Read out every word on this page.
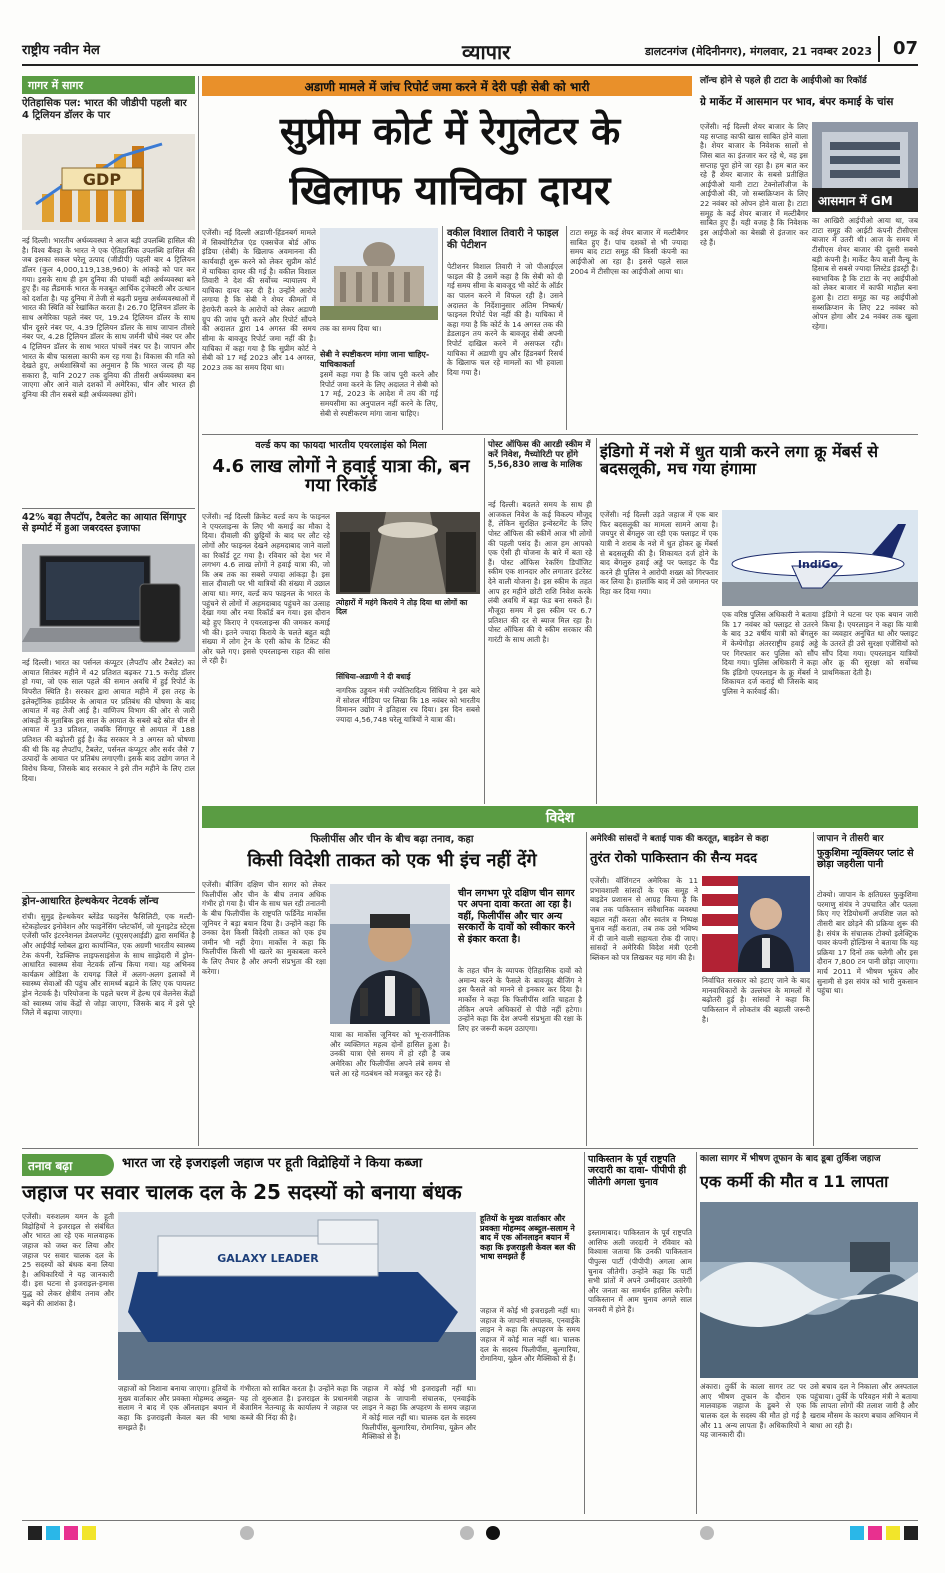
राष्ट्रीय नवीन मेल	व्यापार	डालटनगंज (मेदिनीनगर), मंगलवार, 21 नवम्बर 2023	07
गागर में सागर
ऐतिहासिक पल: भारत की जीडीपी पहली बार 4 ट्रिलियन डॉलर के पार
GDP
नई दिल्ली। भारतीय अर्थव्यवस्था ने आज बड़ी उपलब्धि हासिल की है। विश्व बैंक्ड़ा के भारत ने एक ऐतिहासिक उपलब्धि हासिल की जब इसका सकल घरेलू उत्पाद (जीडीपी) पहली बार 4 ट्रिलियन डॉलर (कुल 4,000,119,138,960) के आंकड़े को पार कर गया। इसके साथ ही हम दुनिया की पांचवीं बड़ी अर्थव्यवस्था बने हुए हैं। वह लैंडमार्क भारत के मजबूत आर्थिक ट्रजेक्टरी और उत्थान को दर्शाता है। यह दुनिया में तेजी से बढ़ती प्रमुख अर्थव्यवस्थाओं में भारत की स्थिति को रेखांकित करता है। 26.70 ट्रिलियन डॉलर के साथ अमेरिका पहले नंबर पर, 19.24 ट्रिलियन डॉलर के साथ चीन दूसरे नंबर पर, 4.39 ट्रिलियन डॉलर के साथ जापान तीसरे नंबर पर, 4.28 ट्रिलियन डॉलर के साथ जर्मनी चौथे नंबर पर और 4 ट्रिलियन डॉलर के साथ भारत पांचवें नंबर पर है। जापान और भारत के बीच फासला काफी कम रह गया है। विकास की गति को देखते हुए, अर्थशास्त्रियों का अनुमान है कि भारत जल्द ही यह सकारा है, यानि 2027 तक दुनिया की तीसरी अर्थव्यवस्था बन जाएगा और आने वाले दशकों में अमेरिका, चीन और भारत ही दुनिया की तीन सबसे बड़ी अर्थव्यवस्था होंगे।
42% बढ़ा लैपटॉप, टैबलेट का आयात सिंगापुर से इम्पोर्ट में हुआ जबरदस्त इजाफा
नई दिल्ली। भारत का पर्सनल कंप्यूटर (लैपटॉप और टैबलेट) का आयात सितंबर महीने में 42 प्रतिशत बढ़कर 71.5 करोड़ डॉलर हो गया, जो एक साल पहले की समान अवधि में हुई रिपोर्ट के विपरीत स्थिति है। सरकार द्वारा आयात महीने में इस तरह के इलेक्ट्रॉनिक हार्डवेयर के आयात पर प्रतिबंध की घोषणा के बाद आयात में वह तेजी आई है। वाणिज्य विभाग की ओर से जारी आंकड़ों के मुताबिक इस साल के आयात के सबसे बड़े स्रोत चीन से आयात में 33 प्रतिशत, जबकि सिंगापुर से आयात में 188 प्रतिशत की बढ़ोतरी हुई है। केंद्र सरकार ने 3 अगस्त को घोषणा की थी कि वह लैपटॉप, टैबलेट, पर्सनल कंप्यूटर और सर्वर जैसे 7 उत्पादों के आयात पर प्रतिबंध लगाएगी। इसके बाद उद्योग जगत ने विरोध किया, जिसके बाद सरकार ने इसे तीन महीने के लिए टाल दिया।
ड्रोन-आधारित हेल्थकेयर नेटवर्क लॉन्च
रांची। सुमुद्र हेल्थकेयर ब्लेंडेड फाइनेंस फैसिलिटी, एक मल्टी-स्टेकहोल्डर इनोवेशन और फाइनेंसिंग प्लेटफॉर्म, जो यूनाइटेड स्टेट्स एजेंसी फॉर इंटरनेशनल डेवलपमेंट (यूएसएआईडी) द्वारा समर्थित है और आईपीई ग्लोबल द्वारा कार्यान्वित, एक अग्रणी भारतीय स्वास्थ्य टेक कंपनी, रेडक्लिफ लाइफसाइंसेज के साथ साझेदारी में ड्रोन-आधारित स्वास्थ्य सेवा नेटवर्क लॉन्च किया गया। यह अभिनव कार्यक्रम ओडिशा के रायगढ़ जिले में अलग-अलग इलाकों में स्वास्थ्य सेवाओं की पहुंच और सामर्थ्य बढ़ाने के लिए एक पायलट ड्रोन नेटवर्क है। परियोजना के पहले चरण में हेल्थ एवं वेलनेस केंद्रों को स्वास्थ्य जांच केंद्रों से जोड़ा जाएगा, जिसके बाद में इसे पूरे जिले में बढ़ाया जाएगा।
अडाणी मामले में जांच रिपोर्ट जमा करने में देरी पड़ी सेबी को भारी
सुप्रीम कोर्ट में रेगुलेटर के
खिलाफ याचिका दायर
एजेंसी। नई दिल्ली अडाणी-हिंडनबर्ग मामले में सिक्योरिटीज एंड एक्सचेंज बोर्ड ऑफ इंडिया (सेबी) के खिलाफ अवमानना की कार्यवाही शुरू करने को लेकर सुप्रीम कोर्ट में याचिका दायर की गई है। वकील विशाल तिवारी ने देश की सर्वोच्च न्यायालय में याचिका दायर कर दी है। उन्होंने आरोप लगाया है कि सेबी ने शेयर कीमतों में हेराफेरी करने के आरोपों को लेकर अडाणी ग्रुप की जांच पूरी करने और रिपोर्ट सौंपने की अदालत द्वारा 14 अगस्त की समय सीमा के बावजूद रिपोर्ट जमा नहीं की है। याचिका में कहा गया है कि सुप्रीम कोर्ट ने सेबी को 17 मई 2023 और 14 अगस्त, 2023 तक का समय दिया था।
तक का समय दिया था।
सेबी ने स्पष्टीकरण मांगा जाना चाहिए- याचिकाकर्ता
इसमें कहा गया है कि जांच पूरी करने और रिपोर्ट जमा करने के लिए अदालत ने सेबी को 17 मई, 2023 के आदेश में तय की गई समयसीमा का अनुपालन नहीं करने के लिए, सेबी से स्पष्टीकरण मांगा जाना चाहिए।
वकील विशाल तिवारी ने फाइल की पेटीशन
पेटीशनर विशाल तिवारी ने जो पीआईएल फाइल की है उसमें कहा है कि सेबी को दी गई समय सीमा के बावजूद भी कोर्ट के ऑर्डर का पालन करने में विफल रही है। उसने अदालत के निर्देशानुसार अंतिम निष्कर्ष/फाइनल रिपोर्ट पेश नहीं की है। याचिका में कहा गया है कि कोर्ट के 14 अगस्त तक की डेडलाइन तय करने के बावजूद सेबी अपनी रिपोर्ट दाखिल करने में असफल रही। याचिका में अडाणी ग्रुप और हिंडनबर्ग रिसर्च के खिलाफ चल रहे मामलों का भी हवाला दिया गया है।
टाटा समूह के कई शेयर बाजार में मल्टीबैगर साबित हुए हैं। पांच दशकों से भी ज्यादा समय बाद टाटा समूह की किसी कंपनी का आईपीओ आ रहा है। इससे पहले साल 2004 में टीसीएस का आईपीओ आया था।
लॉन्च होने से पहले ही टाटा के आईपीओ का रिकॉर्ड
ग्रे मार्केट में आसमान पर भाव, बंपर कमाई के चांस
एजेंसी। नई दिल्ली शेयर बाजार के लिए यह सप्ताह काफी खास साबित होने वाला है। शेयर बाजार के निवेशक सालों से जिस बात का इंतजार कर रहे थे, वह इस सप्ताह पूरा होने जा रहा है। हम बात कर रहे हैं शेयर बाजार के सबसे प्रतीक्षित आईपीओ यानी टाटा टेक्नोलॉजीज के आईपीओ की, जो सब्सक्रिप्शन के लिए 22 नवंबर को ओपन होने वाला है। टाटा समूह के कई शेयर बाजार में मल्टीबैगर साबित हुए हैं। यही वजह है कि निवेशक इस आईपीओ का बेसब्री से इंतजार कर रहे हैं।
आसमान में GM
का आखिरी आईपीओ आया था, जब टाटा समूह की आईटी कंपनी टीसीएस बाजार में उतरी थी। आज के समय में टीसीएस शेयर बाजार की दूसरी सबसे बड़ी कंपनी है। मार्केट कैप वाली वैल्यू के हिसाब से सबसे ज्यादा लिस्टेड इंडस्ट्री है। स्वाभाविक है कि टाटा के नए आईपीओ को लेकर बाजार में काफी माहौल बना हुआ है। टाटा समूह का यह आईपीओ सब्सक्रिप्शन के लिए 22 नवंबर को ओपन होगा और 24 नवंबर तक खुला रहेगा।
वर्ल्ड कप का फायदा भारतीय एयरलाइंस को मिला
4.6 लाख लोगों ने हवाई यात्रा की, बन गया रिकॉर्ड
एजेंसी। नई दिल्ली क्रिकेट वर्ल्ड कप के फाइनल ने एयरलाइन्स के लिए भी कमाई का मौका दे दिया। दीवाली की छुट्टियों के बाद घर लौट रहे लोगों और फाइनल देखने अहमदाबाद जाने वालों का रिकॉर्ड टूट गया है। रविवार को देश भर में लगभग 4.6 लाख लोगों ने हवाई यात्रा की, जो कि अब तक का सबसे ज्यादा आंकड़ा है। इस साल दीवाली पर भी यात्रियों की संख्या में उछाल आया था। मगर, वर्ल्ड कप फाइनल के भारत के पहुंचने से लोगों में अहमदाबाद पहुंचने का उत्साह देखा गया और नया रिकॉर्ड बन गया। इस दौरान बड़े हुए किराए ने एयरलाइन्स की जमकर कमाई भी की। इतने ज्यादा किराये के चलते बहुत बड़ी संख्या में लोग ट्रेन के एसी कोच के टिकट की ओर चले गए। इससे एयरलाइन्स राहत की सांस ले रही है।
त्योहारों में महंगे किराये ने तोड़ दिया था लोगों का दिल
सिंधिया-अडाणी ने दी बधाई
नागरिक उड्डयन मंत्री ज्योतिरादित्य सिंधिया ने इस बारे में सोशल मीडिया पर लिखा कि 18 नवंबर को भारतीय विमानन उद्योग ने इतिहास रच दिया। इस दिन सबसे ज्यादा 4,56,748 घरेलू यात्रियों ने यात्रा की।
पोस्ट ऑफिस की आरडी स्कीम में करें निवेश, मैच्योरिटी पर होंगे 5,56,830 लाख के मालिक
नई दिल्ली। बदलते समय के साथ ही आजकल निवेश के कई विकल्प मौजूद हैं, लेकिन सुरक्षित इन्वेस्टमेंट के लिए पोस्ट ऑफिस की स्कीमें आज भी लोगों की पहली पसंद हैं। आज हम आपको एक ऐसी ही योजना के बारे में बता रहे हैं। पोस्ट ऑफिस रेकरिंग डिपॉजिट स्कीम एक शानदार और लगातार इंटरेस्ट देने वाली योजना है। इस स्कीम के तहत आप हर महीने छोटी राशि निवेश करके लंबी अवधि में बड़ा फंड बना सकते हैं। मौजूदा समय में इस स्कीम पर 6.7 प्रतिशत की दर से ब्याज मिल रहा है। पोस्ट ऑफिस की ये स्कीम सरकार की गारंटी के साथ आती है।
इंडिगो में नशे में धुत यात्री करने लगा क्रू मेंबर्स से बदसलूकी, मच गया हंगामा
एजेंसी। नई दिल्ली उड़ते जहाज में एक बार फिर बदसलूकी का मामला सामने आया है। जयपुर से बेंगलुरु जा रही एक फ्लाइट में एक यात्री ने शराब के नशे में धुत होकर क्रू मेंबर्स से बदसलूकी की है। शिकायत दर्ज होने के बाद बेंगलुरु हवाई अड्डे पर फ्लाइट के पैंड करने ही पुलिस ने आरोपी शख्स को गिरफ्तार कर लिया है। हालांकि बाद में उसे जमानत पर रिहा कर दिया गया।
IndiGo
एक वरिष्ठ पुलिस अधिकारी ने बताया कि 17 नवंबर को फ्लाइट से उतरने के बाद 32 वर्षीय यात्री को बेंगलुरु में केम्पेगौड़ा अंतरराष्ट्रीय हवाई अड्डे पर गिरफ्तार कर पुलिस को सौंप दिया गया। पुलिस अधिकारी ने कहा कि इंडिगो एयरलाइन के क्रू मेंबर्स ने शिकायत दर्ज कराई थी जिसके बाद पुलिस ने कार्रवाई की।
इंडिगो ने घटना पर एक बयान जारी किया है। एयरलाइन ने कहा कि यात्री का व्यवहार अनुचित था और फ्लाइट के उतरते ही उसे सुरक्षा एजेंसियों को सौंप दिया गया। एयरलाइन यात्रियों और क्रू की सुरक्षा को सर्वोच्च प्राथमिकता देती है।
विदेश
फिलीपींस और चीन के बीच बढ़ा तनाव, कहा
किसी विदेशी ताकत को एक भी इंच नहीं देंगे
एजेंसी। बीजिंग दक्षिण चीन सागर को लेकर फिलीपींस और चीन के बीच तनाव अधिक गंभीर हो गया है। चीन के साथ चल रही तनातनी के बीच फिलीपींस के राष्ट्रपति फर्डिनेंड मार्कोस जूनियर ने बड़ा बयान दिया है। उन्होंने कहा कि उनका देश किसी विदेशी ताकत को एक इंच जमीन भी नहीं देगा। मार्कोस ने कहा कि फिलीपींस किसी भी खतरे का मुकाबला करने के लिए तैयार है और अपनी संप्रभुता की रक्षा करेगा।
चीन लगभग पूरे दक्षिण चीन सागर पर अपना दावा करता आ रहा है। वहीं, फिलीपींस और चार अन्य सरकारों के दावों को स्वीकार करने से इंकार करता है।
यात्रा का मार्कोस जूनियर को भू-राजनीतिक और व्यक्तिगत महत्व दोनों हासिल हुआ है। उनकी यात्रा ऐसे समय में हो रही है जब अमेरिका और फिलीपींस अपने लंबे समय से चले आ रहे गठबंधन को मजबूत कर रहे हैं।
के तहत चीन के व्यापक ऐतिहासिक दावों को अमान्य करने के फैसले के बावजूद बीजिंग ने इस फैसले को मानने से इनकार कर दिया है। मार्कोस ने कहा कि फिलीपींस शांति चाहता है लेकिन अपने अधिकारों से पीछे नहीं हटेगा। उन्होंने कहा कि देश अपनी संप्रभुता की रक्षा के लिए हर जरूरी कदम उठाएगा।
अमेरिकी सांसदों ने बताई पाक की करतूत, बाइडेन से कहा
तुरंत रोको पाकिस्तान की सैन्य मदद
एजेंसी। वॉशिंगटन अमेरिका के 11 प्रभावशाली सांसदों के एक समूह ने बाइडेन प्रशासन से आग्रह किया है कि जब तक पाकिस्तान संवैधानिक व्यवस्था बहाल नहीं करता और स्वतंत्र व निष्पक्ष चुनाव नहीं कराता, तब तक उसे भविष्य में दी जाने वाली सहायता रोक दी जाए। सांसदों ने अमेरिकी विदेश मंत्री एंटनी ब्लिंकन को पत्र लिखकर यह मांग की है।
निर्वाचित सरकार को हटाए जाने के बाद मानवाधिकारों के उल्लंघन के मामलों में बढ़ोतरी हुई है। सांसदों ने कहा कि पाकिस्तान में लोकतंत्र की बहाली जरूरी है।
जापान ने तीसरी बार
फुकुशिमा न्यूक्लियर प्लांट से छोड़ा जहरीला पानी
टोक्यो। जापान के क्षतिग्रस्त फुकुशिमा परमाणु संयंत्र ने उपचारित और पतला किए गए रेडियोधर्मी अपशिष्ट जल को तीसरी बार छोड़ने की प्रक्रिया शुरू की है। संयंत्र के संचालक टोक्यो इलेक्ट्रिक पावर कंपनी होल्डिंग्स ने बताया कि यह प्रक्रिया 17 दिनों तक चलेगी और इस दौरान 7,800 टन पानी छोड़ा जाएगा। मार्च 2011 में भीषण भूकंप और सुनामी से इस संयंत्र को भारी नुकसान पहुंचा था।
तनाव बढ़ा	भारत जा रहे इजराइली जहाज पर हूती विद्रोहियों ने किया कब्जा
जहाज पर सवार चालक दल के 25 सदस्यों को बनाया बंधक
एजेंसी। यरुशलम यमन के हूती विद्रोहियों ने इजराइल से संबंधित और भारत आ रहे एक मालवाहक जहाज को जब्त कर लिया और जहाज पर सवार चालक दल के 25 सदस्यों को बंधक बना लिया है। अधिकारियों ने यह जानकारी दी। इस घटना से इजराइल-हमास युद्ध को लेकर क्षेत्रीय तनाव और बढ़ने की आशंका है।
GALAXY LEADER
हूतियों के मुख्य वार्ताकार और प्रवक्ता मोहम्मद अब्दुल-सलाम ने बाद में एक ऑनलाइन बयान में कहा कि इजराइली केवल बल की भाषा समझते हैं
जहाजों को निशाना बनाया जाएगा। हूतियों के मुख्य वार्ताकार और प्रवक्ता मोहम्मद अब्दुल-सलाम ने बाद में एक ऑनलाइन बयान में कहा कि इजराइली केवल बल की भाषा समझते हैं।
गंभीरता को साबित करता है। उन्होंने कहा कि यह तो शुरुआत है। इजराइल के प्रधानमंत्री बेंजामिन नेतन्याहू के कार्यालय ने जहाज पर कब्जे की निंदा की है।
जहाज में कोई भी इजराइली नहीं था। जहाज के जापानी संचालक, एनवाईके लाइन ने कहा कि अपहरण के समय जहाज में कोई माल नहीं था। चालक दल के सदस्य फिलीपींस, बुल्गारिया, रोमानिया, यूक्रेन और मैक्सिको से हैं।
जहाज में कोई भी इजराइली नहीं था। जहाज के जापानी संचालक, एनवाईके लाइन ने कहा कि अपहरण के समय जहाज में कोई माल नहीं था। चालक दल के सदस्य फिलीपींस, बुल्गारिया, रोमानिया, यूक्रेन और मैक्सिको से हैं।
पाकिस्तान के पूर्व राष्ट्रपति जरदारी का दावा- पीपीपी ही जीतेगी अगला चुनाव
इस्लामाबाद। पाकिस्तान के पूर्व राष्ट्रपति आसिफ अली जरदारी ने रविवार को विश्वास जताया कि उनकी पाकिस्तान पीपुल्स पार्टी (पीपीपी) अगला आम चुनाव जीतेगी। उन्होंने कहा कि पार्टी सभी प्रांतों में अपने उम्मीदवार उतारेगी और जनता का समर्थन हासिल करेगी। पाकिस्तान में आम चुनाव अगले साल जनवरी में होने हैं।
काला सागर में भीषण तूफान के बाद डूबा तुर्किश जहाज
एक कर्मी की मौत व 11 लापता
अंकारा। तुर्की के काला सागर तट पर आए भीषण तूफान के दौरान एक मालवाहक जहाज के डूबने से एक चालक दल के सदस्य की मौत हो गई है और 11 अन्य लापता हैं। अधिकारियों ने यह जानकारी दी।
उसे बचाव दल ने निकाला और अस्पताल पहुंचाया। तुर्की के परिवहन मंत्री ने बताया कि लापता लोगों की तलाश जारी है और खराब मौसम के कारण बचाव अभियान में बाधा आ रही है।
